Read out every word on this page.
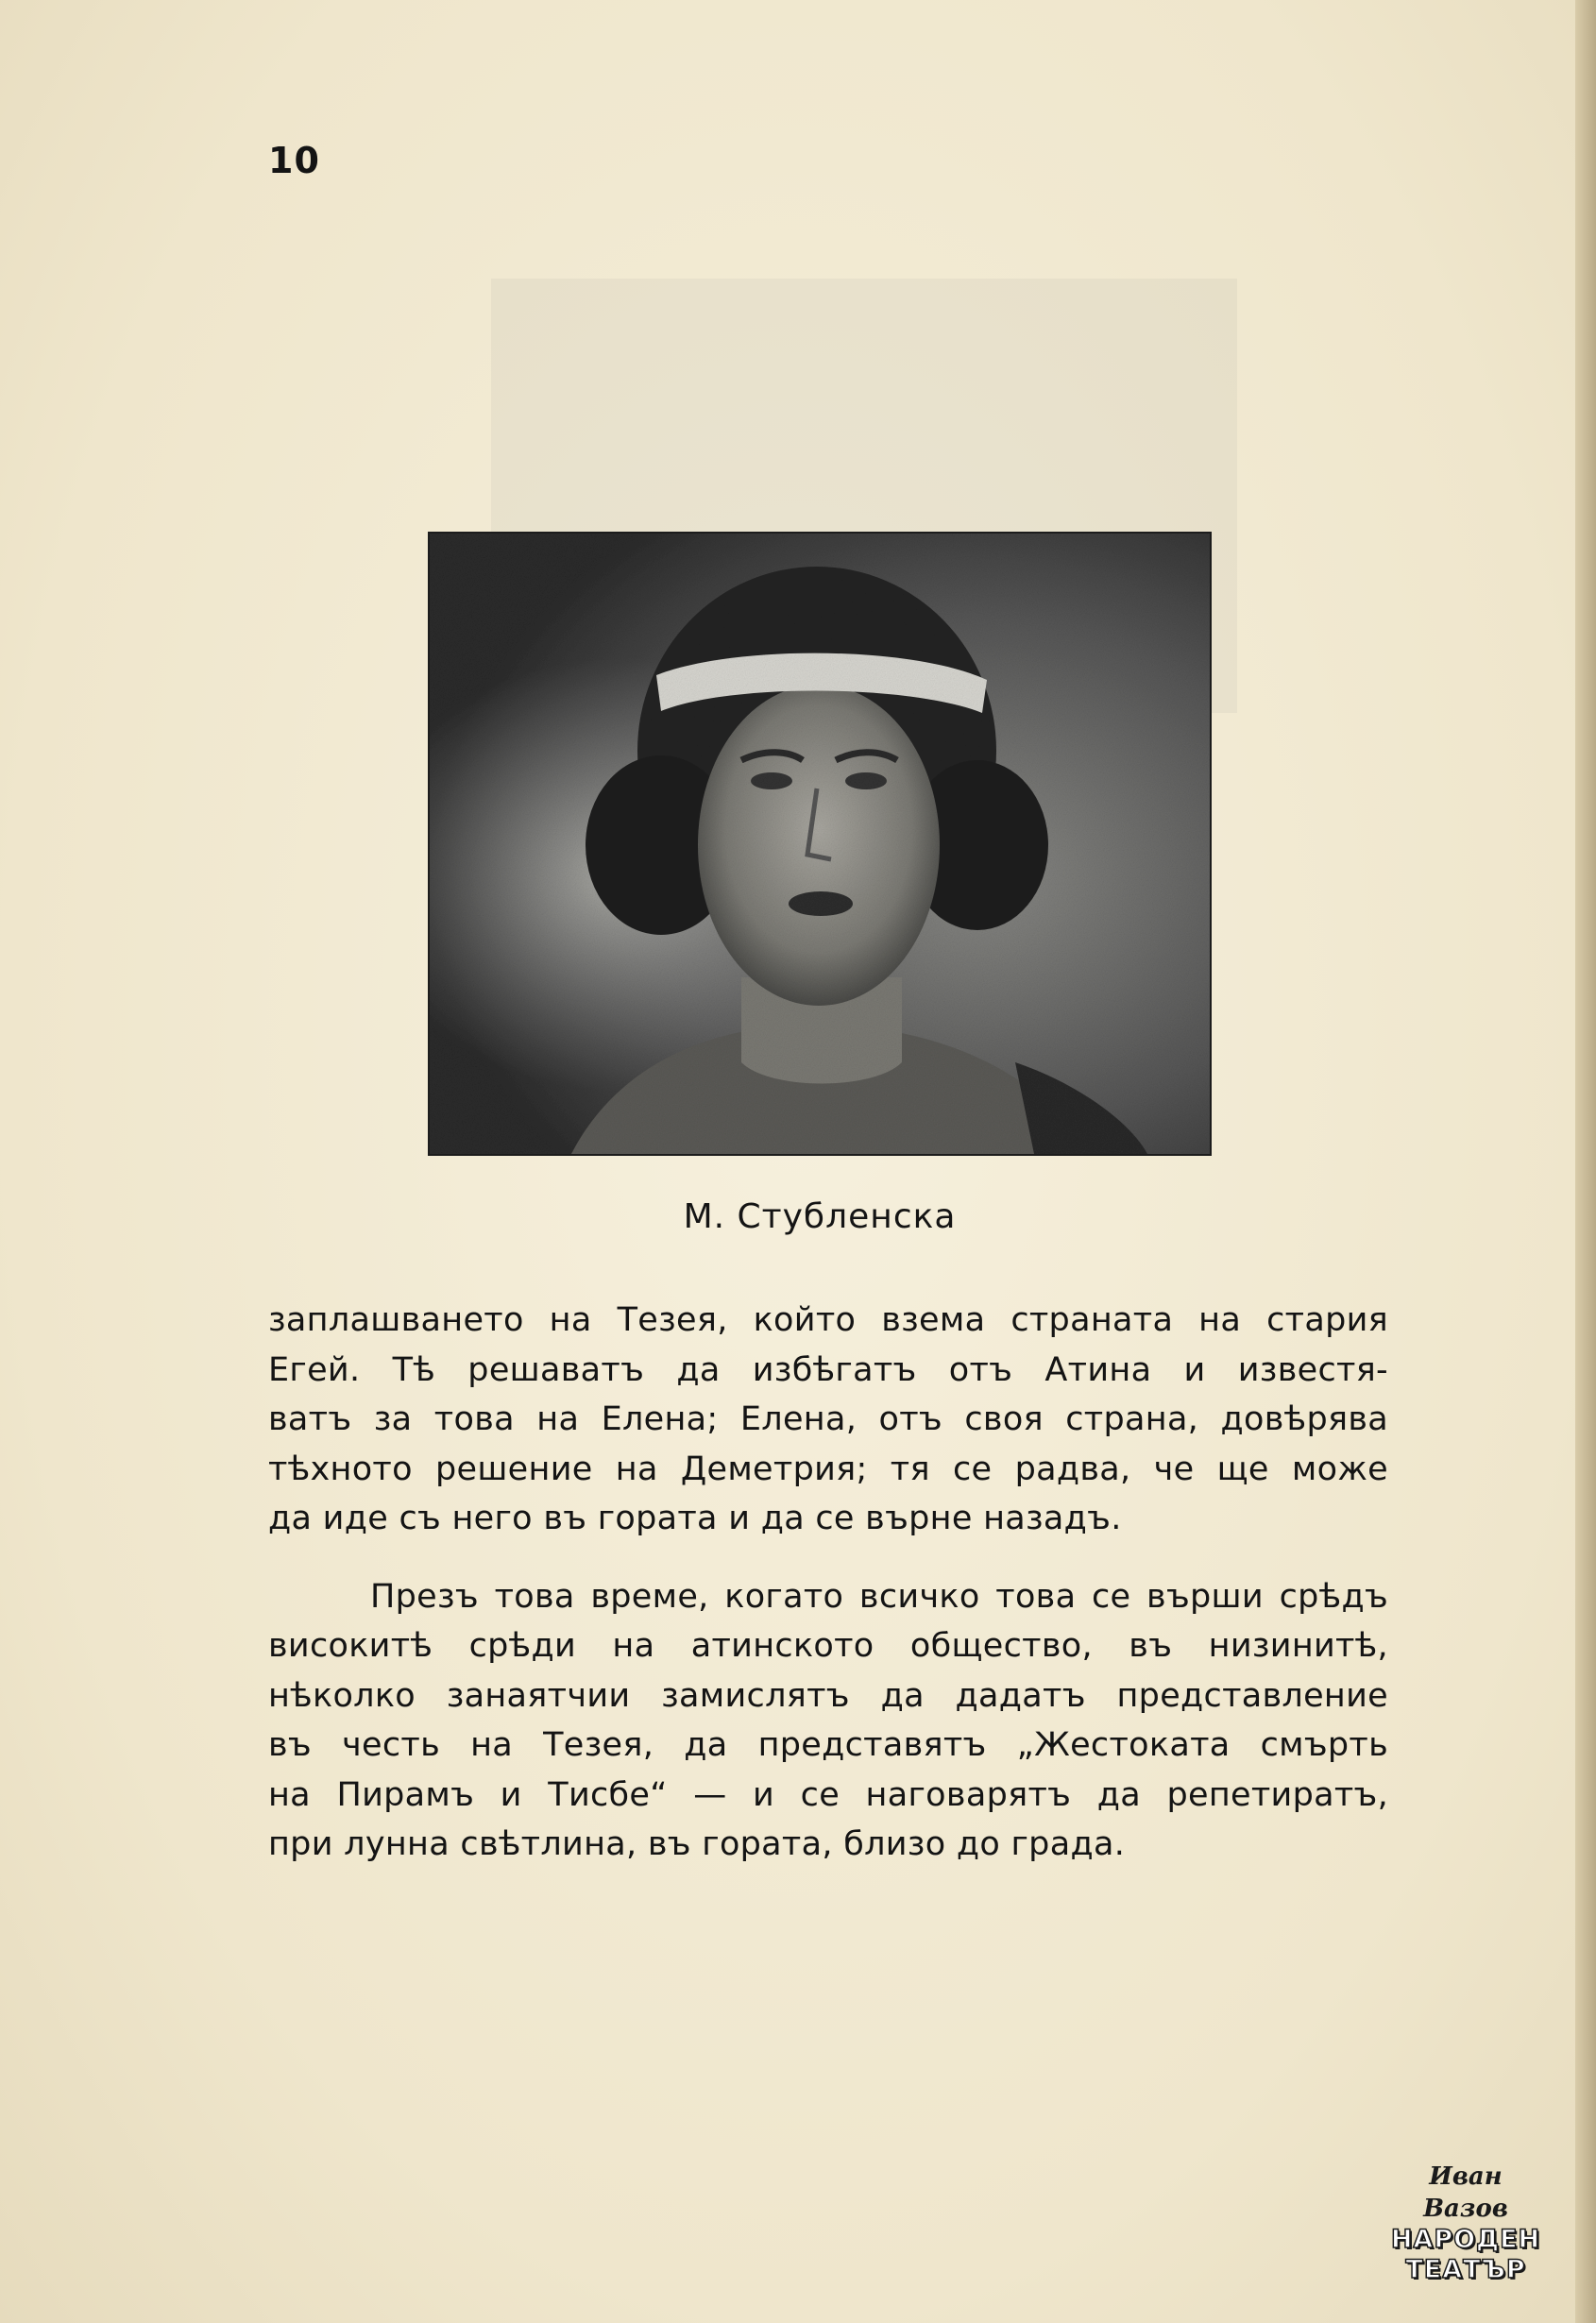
10
М. Стубленска
заплашването на Тезея, който взема страната на стария
Егей. Тѣ решаватъ да избѣгатъ отъ Атина и известя-
ватъ за това на Елена; Елена, отъ своя страна, довѣрява
тѣхното решение на Деметрия; тя се радва, че ще може
да иде съ него въ гората и да се върне назадъ.
Презъ това време, когато всичко това се върши срѣдъ
високитѣ срѣди на атинското общество, въ низинитѣ,
нѣколко занаятчии замислятъ да дадатъ представление
въ честь на Тезея, да представятъ „Жестоката смърть
на Пирамъ и Тисбе“ — и се наговарятъ да репетиратъ,
при лунна свѣтлина, въ гората, близо до града.
Иван Вазов
НАРОДЕН
ТЕАТЪР
